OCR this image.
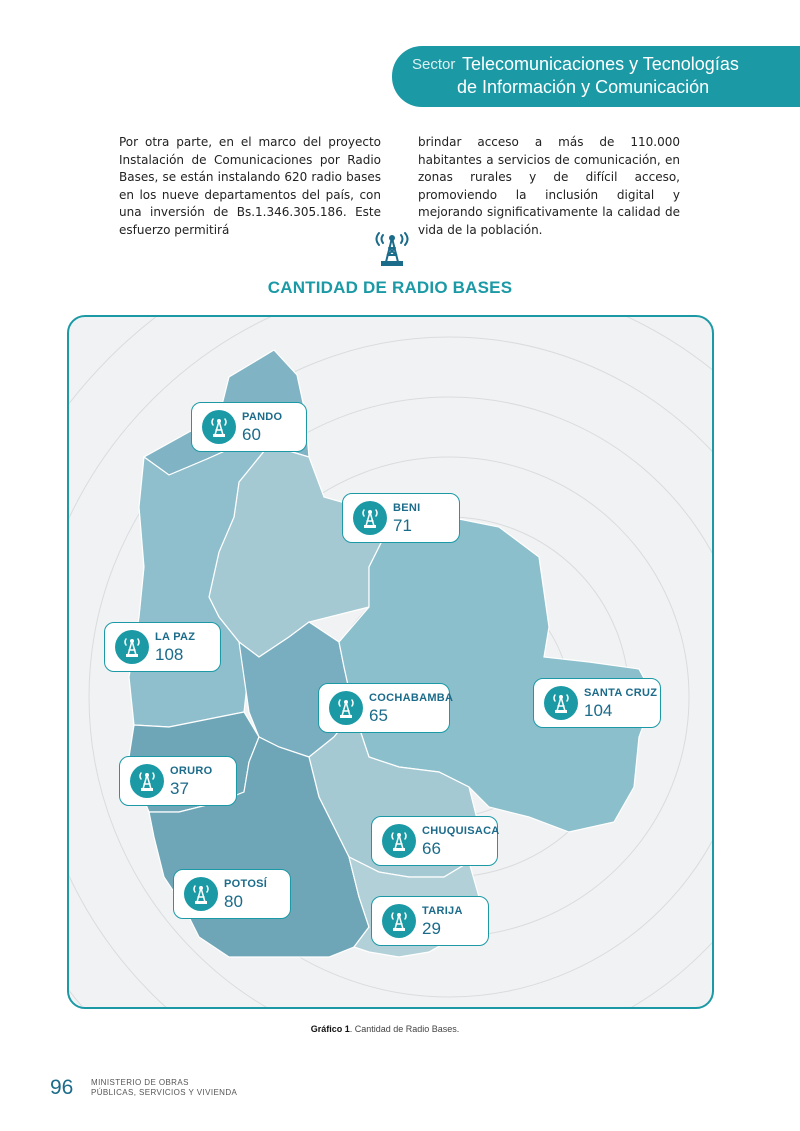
Sector Telecomunicaciones y Tecnologías
de Información y Comunicación
Por otra parte, en el marco del proyecto Instalación de Comunicaciones por Radio Bases, se están instalando 620 radio bases en los nueve departamentos del país, con una inversión de Bs.1.346.305.186. Este esfuerzo permitirá
brindar acceso a más de 110.000 habitantes a servicios de comunicación, en zonas rurales y de difícil acceso, promoviendo la inclusión digital y mejorando significativamente la calidad de vida de la población.
CANTIDAD DE RADIO BASES
PANDO
60
BENI
71
LA PAZ
108
COCHABAMBA
65
SANTA CRUZ
104
ORURO
37
CHUQUISACA
66
POTOSÍ
80	TARIJA
29
Gráfico 1. Cantidad de Radio Bases.
96 MINISTERIO DE OBRAS
PÚBLICAS, SERVICIOS Y VIVIENDA
